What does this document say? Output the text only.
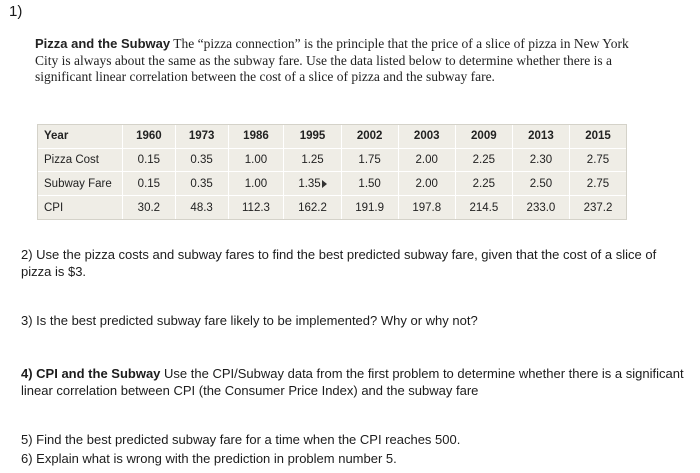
1)
Pizza and the Subway The “pizza connection” is the principle that the price of a slice of pizza in New York City is always about the same as the subway fare. Use the data listed below to determine whether there is a significant linear correlation between the cost of a slice of pizza and the subway fare.
Year	1960	1973	1986	1995	2002	2003	2009	2013	2015
Pizza Cost	0.15	0.35	1.00	1.25	1.75	2.00	2.25	2.30	2.75
Subway Fare	0.15	0.35	1.00	1.35	1.50	2.00	2.25	2.50	2.75
CPI	30.2	48.3	112.3	162.2	191.9	197.8	214.5	233.0	237.2
2) Use the pizza costs and subway fares to find the best predicted subway fare, given that the cost of a slice of pizza is $3.
3) Is the best predicted subway fare likely to be implemented? Why or why not?
4) CPI and the Subway Use the CPI/Subway data from the first problem to determine whether there is a significant linear correlation between CPI (the Consumer Price Index) and the subway fare
5) Find the best predicted subway fare for a time when the CPI reaches 500.
6) Explain what is wrong with the prediction in problem number 5.
